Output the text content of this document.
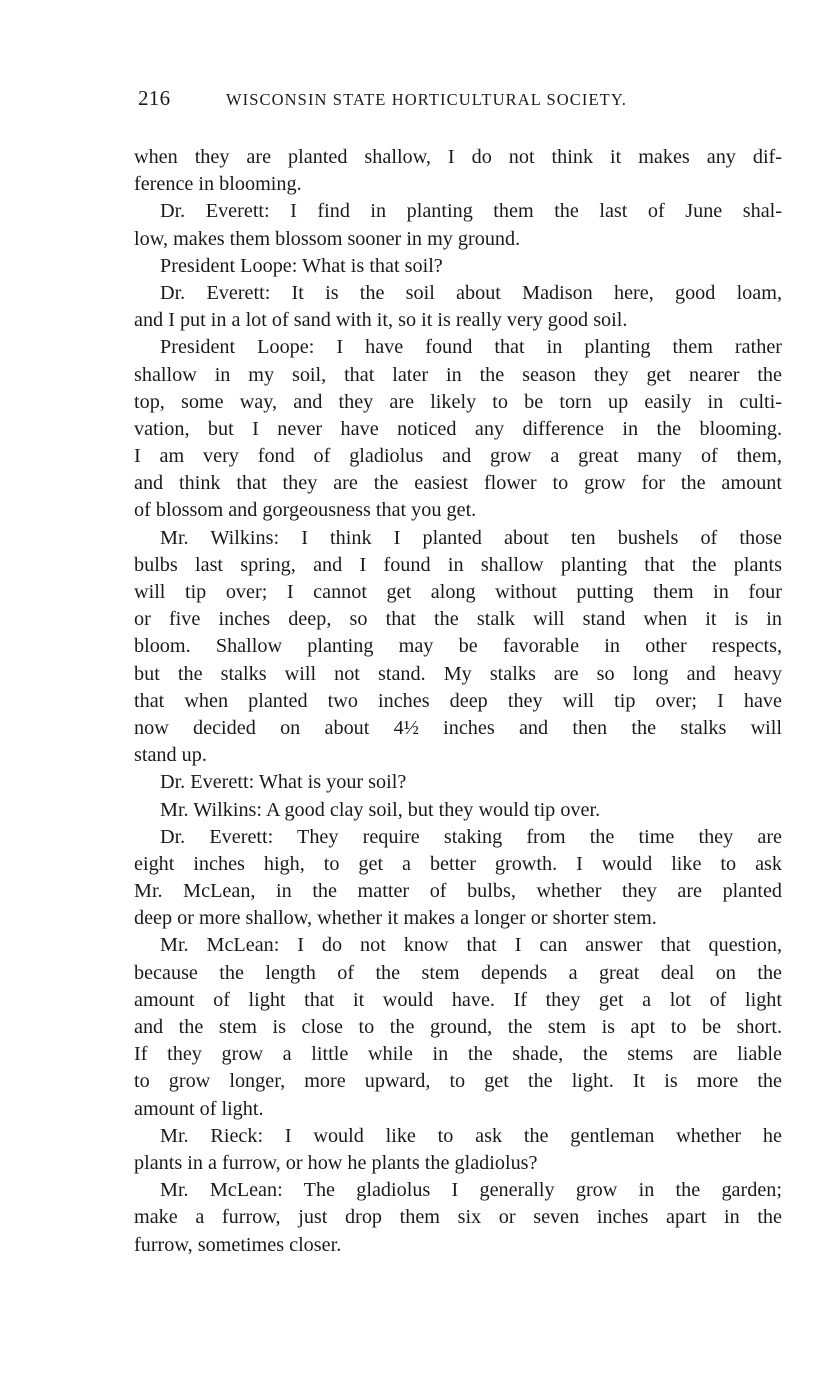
216	WISCONSIN STATE HORTICULTURAL SOCIETY.
when they are planted shallow, I do not think it makes any dif-
ference in blooming.
Dr. Everett: I find in planting them the last of June shal-
low, makes them blossom sooner in my ground.
President Loope: What is that soil?
Dr. Everett: It is the soil about Madison here, good loam,
and I put in a lot of sand with it, so it is really very good soil.
President Loope: I have found that in planting them rather
shallow in my soil, that later in the season they get nearer the
top, some way, and they are likely to be torn up easily in culti-
vation, but I never have noticed any difference in the blooming.
I am very fond of gladiolus and grow a great many of them,
and think that they are the easiest flower to grow for the amount
of blossom and gorgeousness that you get.
Mr. Wilkins: I think I planted about ten bushels of those
bulbs last spring, and I found in shallow planting that the plants
will tip over; I cannot get along without putting them in four
or five inches deep, so that the stalk will stand when it is in
bloom. Shallow planting may be favorable in other respects,
but the stalks will not stand. My stalks are so long and heavy
that when planted two inches deep they will tip over; I have
now decided on about 4½ inches and then the stalks will
stand up.
Dr. Everett: What is your soil?
Mr. Wilkins: A good clay soil, but they would tip over.
Dr. Everett: They require staking from the time they are
eight inches high, to get a better growth. I would like to ask
Mr. McLean, in the matter of bulbs, whether they are planted
deep or more shallow, whether it makes a longer or shorter stem.
Mr. McLean: I do not know that I can answer that question,
because the length of the stem depends a great deal on the
amount of light that it would have. If they get a lot of light
and the stem is close to the ground, the stem is apt to be short.
If they grow a little while in the shade, the stems are liable
to grow longer, more upward, to get the light. It is more the
amount of light.
Mr. Rieck: I would like to ask the gentleman whether he
plants in a furrow, or how he plants the gladiolus?
Mr. McLean: The gladiolus I generally grow in the garden;
make a furrow, just drop them six or seven inches apart in the
furrow, sometimes closer.
